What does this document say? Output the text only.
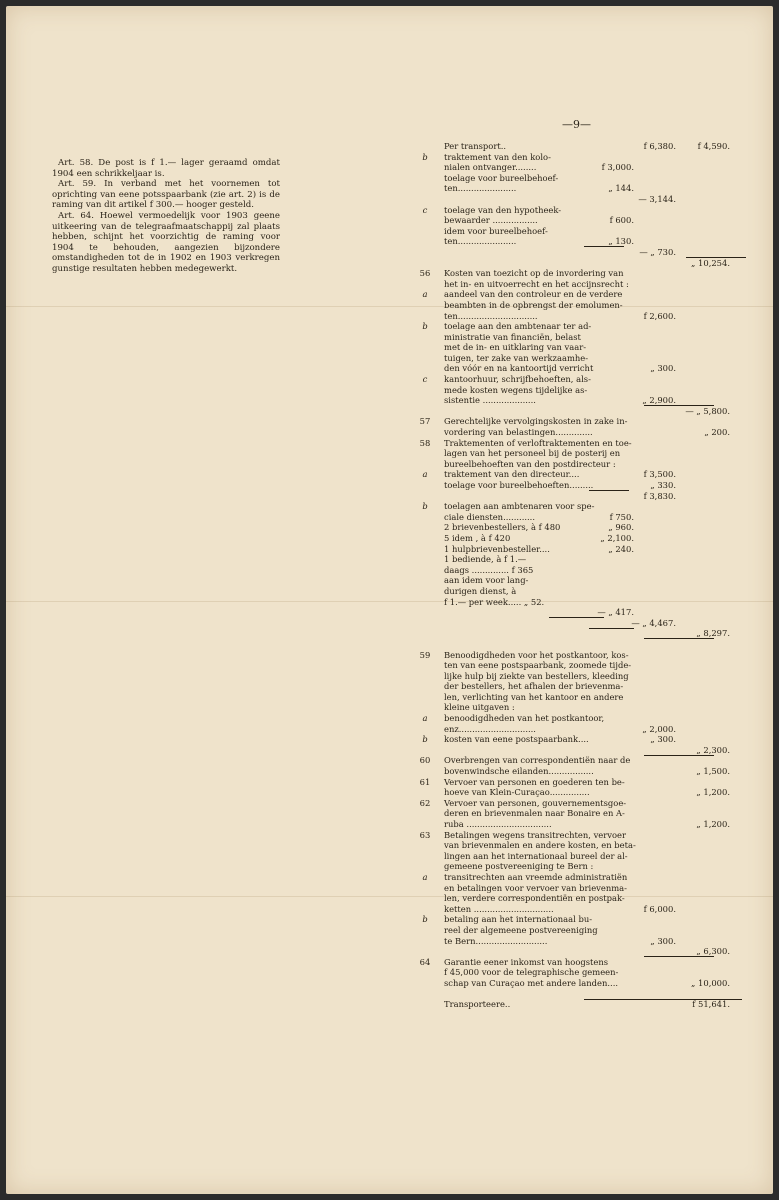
Art. 58. De post is f 1.— lager geraamd omdat 1904 een schrikkeljaar is.

Art. 59. In verband met het voornemen tot oprichting van eene potsspaarbank (zie art. 2) is de raming van dit artikel f 300.— hooger gesteld.

Art. 64. Hoewel vermoedelijk voor 1903 geene uitkeering van de telegraafmaatschappij zal plaats hebben, schijnt het voorzichtig de raming voor 1904 te behouden, aangezien bijzondere omstandigheden tot de in 1902 en 1903 verkregen gunstige resultaten hebben medegewerkt.

—9—
Per transport..	f 6,380.	f 4,590.
b	traktement van den kolo-
nialen ontvanger........	f 3,000.
toelage voor bureelbehoef-
ten......................	„ 144.
— 3,144.
c	toelage van den hypotheek-
bewaarder .................	f 600.
idem voor bureelbehoef-
ten......................	„ 130.
— „ 730.
„ 10,254.
56	Kosten van toezicht op de invordering van
het in- en uitvoerrecht en het accijnsrecht :
a	aandeel van den controleur en de verdere
beambten in de opbrengst der emolumen-
ten..............................	f 2,600.
b	toelage aan den ambtenaar ter ad-
ministratie van financiën, belast
met de in- en uitklaring van vaar-
tuigen, ter zake van werkzaamhe-
den vóór en na kantoortijd verricht	„ 300.
c	kantoorhuur, schrijfbehoeften, als-
mede kosten wegens tijdelijke as-
sistentie ....................	„ 2,900.
— „ 5,800.
57	Gerechtelijke vervolgingskosten in zake in-
vordering van belastingen..............	„ 200.
58	Traktementen of verloftraktementen en toe-
lagen van het personeel bij de posterij en
bureelbehoeften van den postdirecteur :
a	traktement van den directeur....	f 3,500.
toelage voor bureelbehoeften.........	„ 330.
f 3,830.
b	toelagen aan ambtenaren voor spe-
ciale diensten............	f 750.
2 brievenbestellers, à f 480	„ 960.
5 idem , à f 420	„ 2,100.
1 hulpbrievenbesteller....	„ 240.
1 bediende, à f 1.—
daags .............. f 365
aan idem voor lang-
durigen dienst, à
f 1.— per week..... „ 52.
— „ 417.
— „ 4,467.
„ 8,297.
59	Benoodigdheden voor het postkantoor, kos-
ten van eene postspaarbank, zoomede tijde-
lijke hulp bij ziekte van bestellers, kleeding
der bestellers, het afhalen der brievenma-
len, verlichting van het kantoor en andere
kleine uitgaven :
a	benoodigdheden van het postkantoor,
enz.............................	„ 2,000.
b	kosten van eene postspaarbank....	„ 300.
„ 2,300.
60	Overbrengen van correspondentiën naar de
bovenwindsche eilanden.................	„ 1,500.
61	Vervoer van personen en goederen ten be-
hoeve van Klein-Curaçao...............	„ 1,200.
62	Vervoer van personen, gouvernementsgoe-
deren en brievenmalen naar Bonaire en A-
ruba ................................	„ 1,200.
63	Betalingen wegens transitrechten, vervoer
van brievenmalen en andere kosten, en beta-
lingen aan het internationaal bureel der al-
gemeene postvereeniging te Bern :
a	transitrechten aan vreemde administratiën
en betalingen voor vervoer van brievenma-
len, verdere correspondentiën en postpak-
ketten ..............................	f 6,000.
b	betaling aan het internationaal bu-
reel der algemeene postvereeniging
te Bern...........................	„ 300.
„ 6,300.
64	Garantie eener inkomst van hoogstens
f 45,000 voor de telegraphische gemeen-
schap van Curaçao met andere landen....	„ 10,000.
Transporteere..	f 51,641.
